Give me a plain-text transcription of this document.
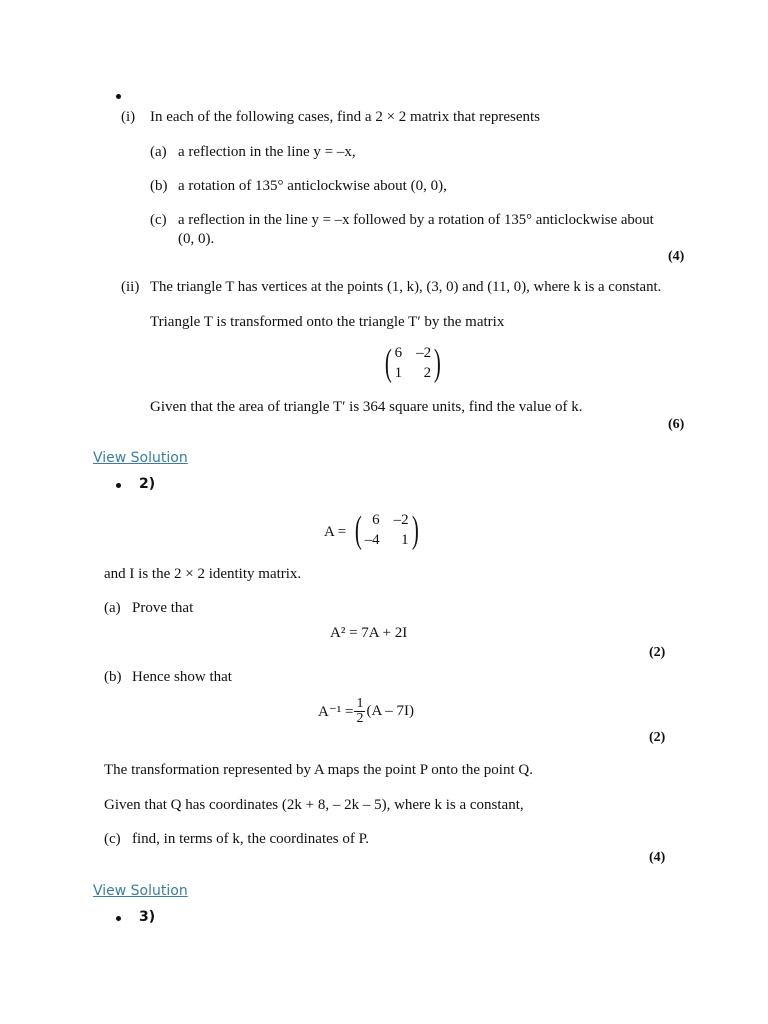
(i) In each of the following cases, find a 2 × 2 matrix that represents
(a) a reflection in the line y = –x,
(b) a rotation of 135° anticlockwise about (0, 0),
(c) a reflection in the line y = –x followed by a rotation of 135° anticlockwise about
(0, 0).
(4)
(ii) The triangle T has vertices at the points (1, k), (3, 0) and (11, 0), where k is a constant.
Triangle T is transformed onto the triangle T′ by the matrix
( 6 –2
1	2 )
Given that the area of triangle T′ is 364 square units, find the value of k.
(6)
View Solution
2)
A = ( 6 –2
–4	1 )
and I is the 2 × 2 identity matrix.
(a) Prove that
A² = 7A + 2I
(2)
(b) Hence show that
$A^{-1} = \frac{1}{2} (A - 7I)$
(2)
The transformation represented by A maps the point P onto the point Q.
Given that Q has coordinates (2k + 8, – 2k – 5), where k is a constant,
(c) find, in terms of k, the coordinates of P.
(4)
View Solution
3)
